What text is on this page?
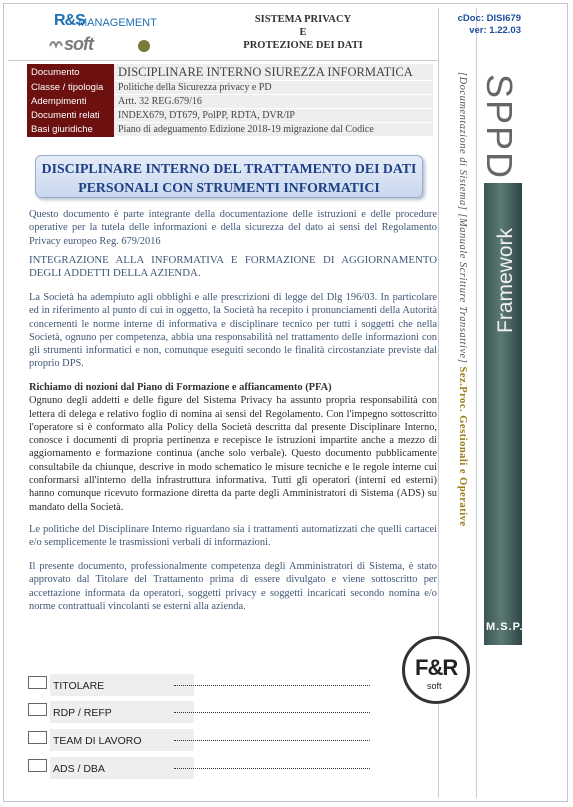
R&S
MANAGEMENT
soft
SISTEMA PRIVACY
E
PROTEZIONE DEI DATI
cDoc: DISI679
ver: 1.22.03
Documento	DISCIPLINARE INTERNO SIUREZZA INFORMATICA
Classe / tipologia	Politiche della Sicurezza privacy e PD
Adempimenti	Artt. 32 REG.679/16
Documenti relati	INDEX679, DT679, PolPP, RDTA, DVR/IP
Basi giuridiche	Piano di adeguamento Edizione 2018-19 migrazione dal Codice
DISCIPLINARE INTERNO DEL TRATTAMENTO DEI DATI
PERSONALI CON STRUMENTI INFORMATICI
Questo documento è parte integrante della documentazione delle istruzioni e delle procedure operative per la tutela delle informazioni e della sicurezza del dato ai sensi del Regolamento Privacy europeo Reg. 679/2016
INTEGRAZIONE ALLA INFORMATIVA E FORMAZIONE DI AGGIORNAMENTO DEGLI ADDETTI DELLA AZIENDA.
La Società ha adempiuto agli obblighi e alle prescrizioni di legge del Dlg 196/03. In particolare ed in riferimento al punto di cui in oggetto, la Società ha recepito i pronunciamenti della Autorità concernenti le norme interne di informativa e disciplinare tecnico per tutti i soggetti che nella Società, ognuno per competenza, abbia una responsabilità nel trattamento delle informazioni con gli strumenti informatici e non, comunque eseguiti secondo le finalità circostanziate previste dal proprio DPS.
Richiamo di nozioni dal Piano di Formazione e affiancamento (PFA)
Ognuno degli addetti e delle figure del Sistema Privacy ha assunto propria responsabilità con lettera di delega e relativo foglio di nomina ai sensi del Regolamento. Con l'impegno sottoscritto l'operatore si è conformato alla Policy della Società descritta dal presente Disciplinare Interno, conosce i documenti di propria pertinenza e recepisce le istruzioni impartite anche a mezzo di aggiornamento e formazione continua (anche solo verbale). Questo documento pubblicamente consultabile da chiunque, descrive in modo schematico le misure tecniche e le regole interne cui conformarsi all'interno della infrastruttura informativa. Tutti gli operatori (interni ed esterni) hanno comunque ricevuto formazione diretta da parte degli Amministratori di Sistema (ADS) su mandato della Società.
Le politiche del Disciplinare Interno riguardano sia i trattamenti automatizzati che quelli cartacei e/o semplicemente le trasmissioni verbali di informazioni.
Il presente documento, professionalmente competenza degli Amministratori di Sistema, è stato approvato dal Titolare del Trattamento prima di essere divulgato e viene sottoscritto per accettazione informata da operatori, soggetti privacy e soggetti incaricati secondo nomina e/o norme contrattuali vincolanti se esterni alla azienda.
[Documentazione di Sistema] [Manuale Scritture Transattive] Sez.Proc. Gestionali e Operative
SPPD
Framework
M.S.P.
F&R
soft
TITOLARE
RDP / REFP
TEAM DI LAVORO
ADS / DBA
